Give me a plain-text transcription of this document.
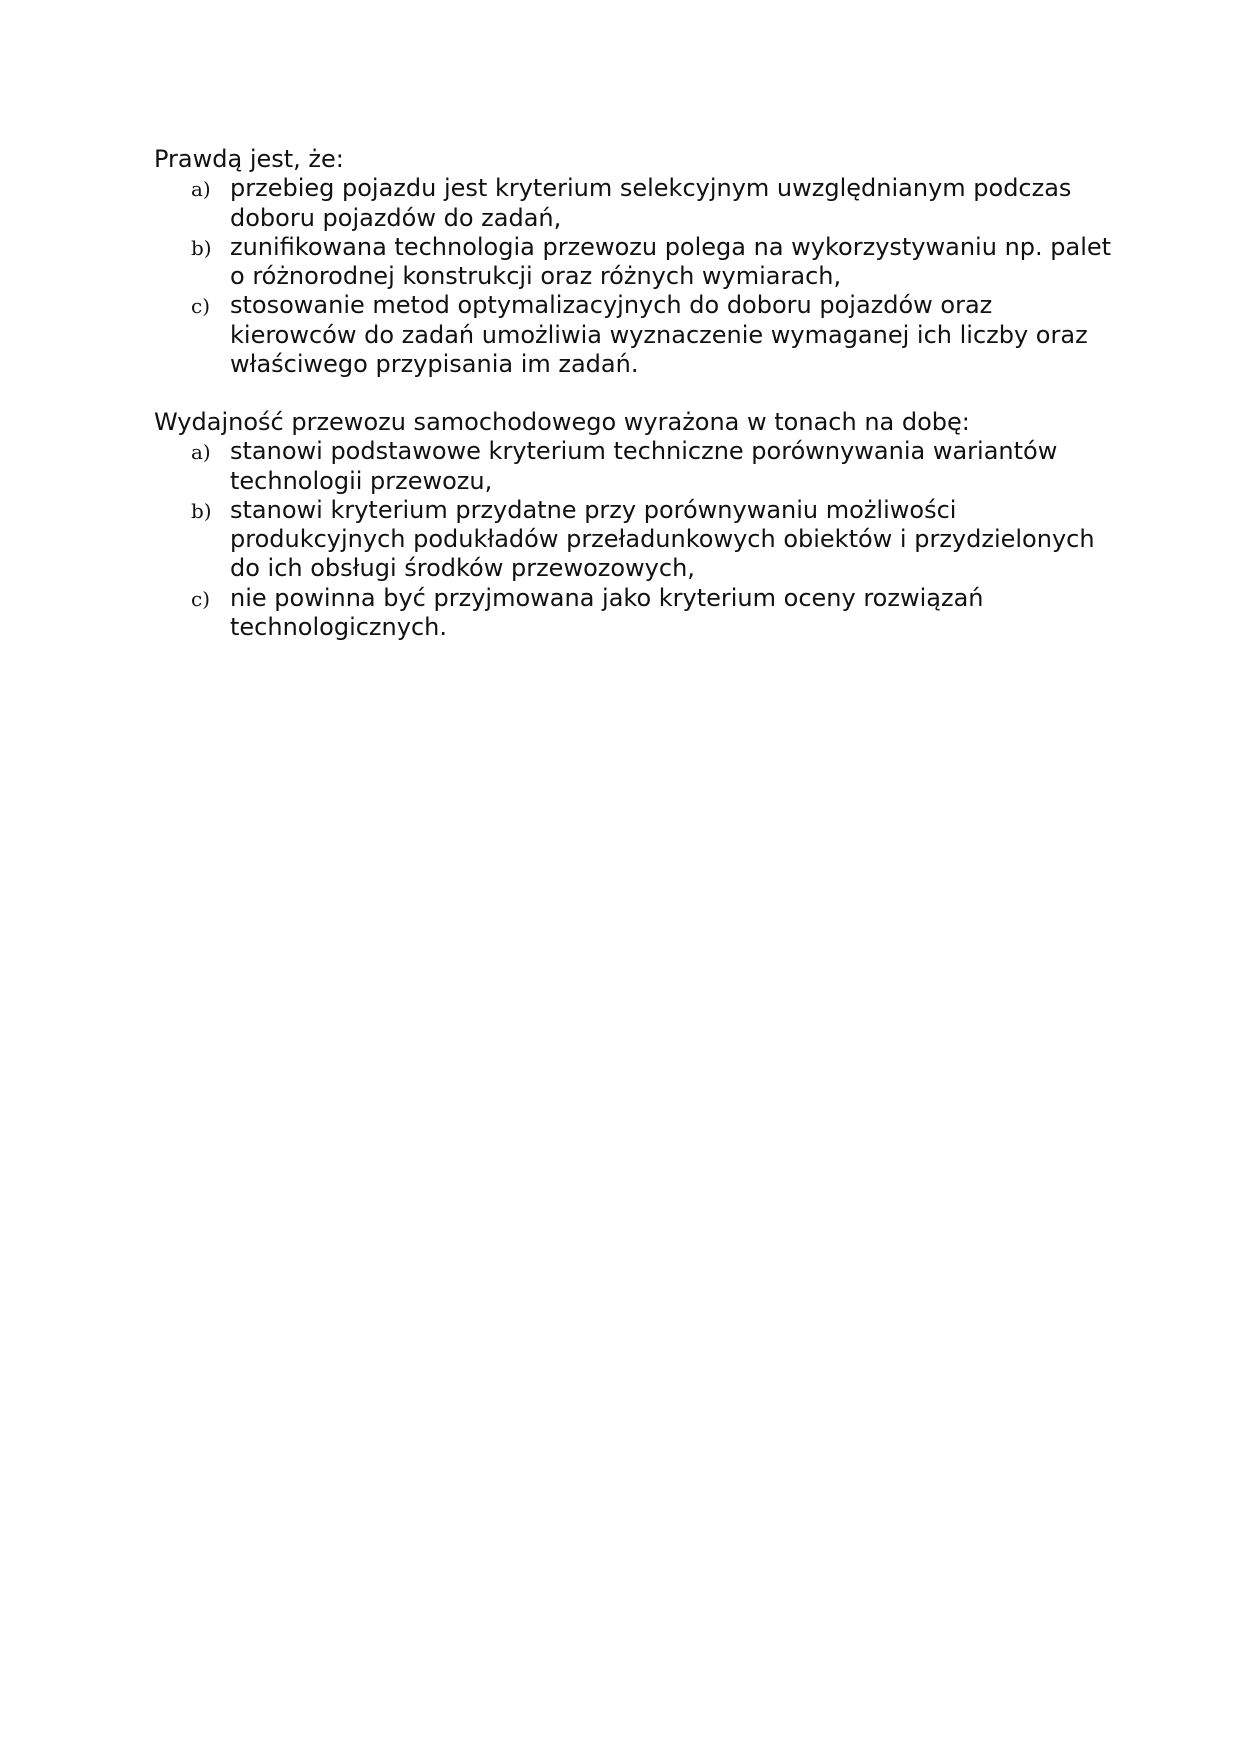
Prawdą jest, że:

a) przebieg pojazdu jest kryterium selekcyjnym uwzględnianym podczas doboru pojazdów do zadań,
b) zunifikowana technologia przewozu polega na wykorzystywaniu np. palet o różnorodnej konstrukcji oraz różnych wymiarach,
c) stosowanie metod optymalizacyjnych do doboru pojazdów oraz kierowców do zadań umożliwia wyznaczenie wymaganej ich liczby oraz właściwego przypisania im zadań.

Wydajność przewozu samochodowego wyrażona w tonach na dobę:

a) stanowi podstawowe kryterium techniczne porównywania wariantów technologii przewozu,
b) stanowi kryterium przydatne przy porównywaniu możliwości produkcyjnych podukładów przeładunkowych obiektów i przydzielonych do ich obsługi środków przewozowych,
c) nie powinna być przyjmowana jako kryterium oceny rozwiązań technologicznych.
